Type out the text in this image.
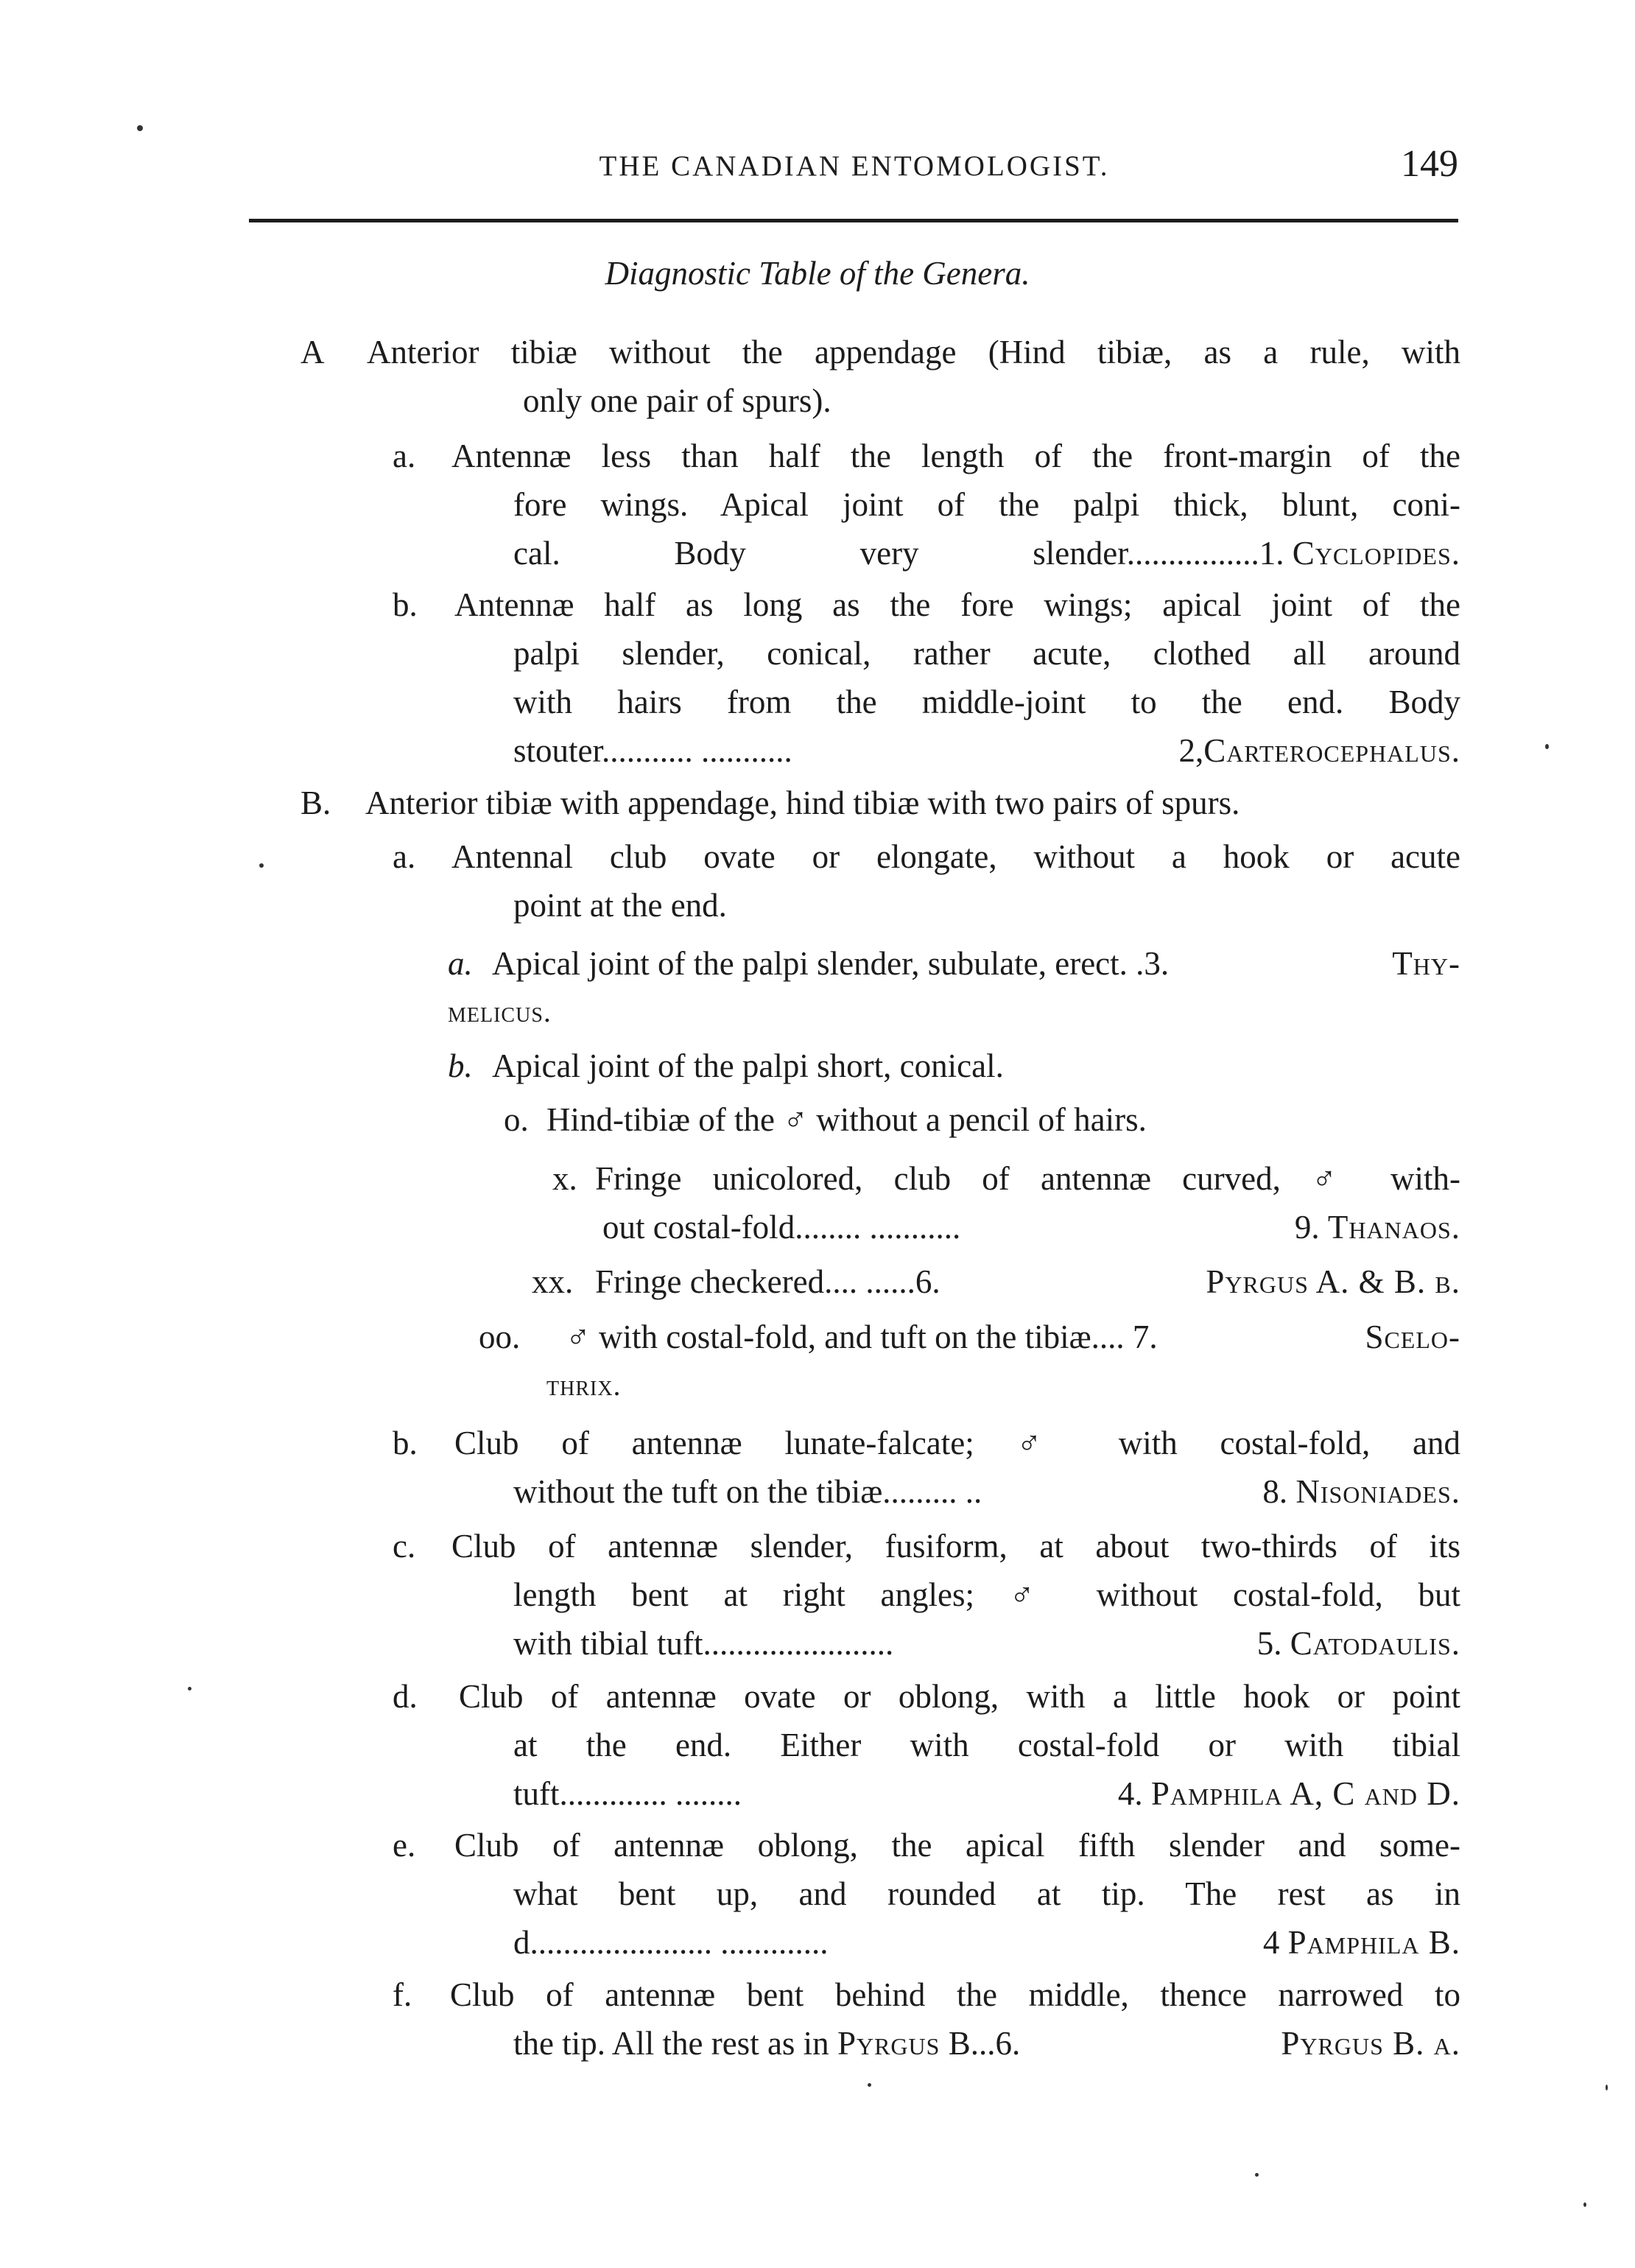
THE CANADIAN ENTOMOLOGIST.	149
Diagnostic Table of the Genera.
A Anterior tibiæ without the appendage (Hind tibiæ, as a rule, with
only one pair of spurs).
a. Antennæ less than half the length of the front-margin of the
fore wings. Apical joint of the palpi thick, blunt, coni-
cal. Body very slender................ 1. Cyclopides.
b. Antennæ half as long as the fore wings; apical joint of the
palpi slender, conical, rather acute, clothed all around
with hairs from the middle-joint to the end. Body
stouter........... ...........	2,Carterocephalus.
B. Anterior tibiæ with appendage, hind tibiæ with two pairs of spurs.
a. Antennal club ovate or elongate, without a hook or acute
point at the end.
a. Apical joint of the palpi slender, subulate, erect. .3.	Thy-
melicus.
b. Apical joint of the palpi short, conical.
o. Hind-tibiæ of the ♂ without a pencil of hairs.
x. Fringe unicolored, club of antennæ curved, ♂ with-
out costal-fold........ ...........	9. Thanaos.
xx. Fringe checkered.... ......6.	Pyrgus A. & B. b.
oo. ♂ with costal-fold, and tuft on the tibiæ.... 7.	Scelo-
thrix.
b. Club of antennæ lunate-falcate; ♂ with costal-fold, and
without the tuft on the tibiæ......... ..	8. Nisoniades.
c. Club of antennæ slender, fusiform, at about two-thirds of its
length bent at right angles; ♂ without costal-fold, but
with tibial tuft.......................	5. Catodaulis.
d. Club of antennæ ovate or oblong, with a little hook or point
at the end. Either with costal-fold or with tibial
tuft............. ........	4. Pamphila A, C and D.
e. Club of antennæ oblong, the apical fifth slender and some-
what bent up, and rounded at tip. The rest as in
d...................... .............	4 Pamphila B.
f. Club of antennæ bent behind the middle, thence narrowed to
the tip. All the rest as in Pyrgus B...6.	Pyrgus B. a.
